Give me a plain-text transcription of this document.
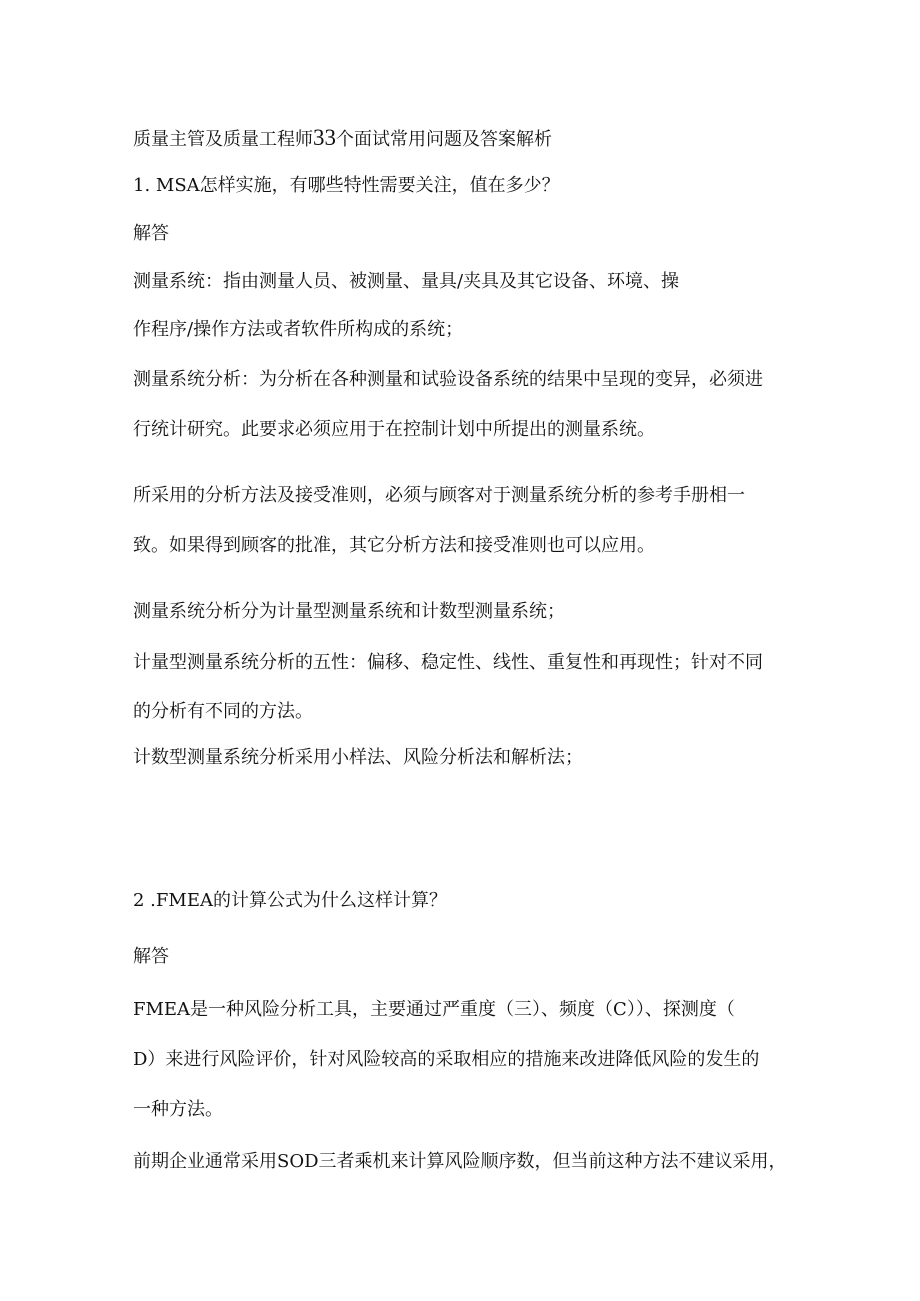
质量主管及质量工程师33个面试常用问题及答案解析
1. MSA怎样实施，有哪些特性需要关注，值在多少？
解答
测量系统：指由测量人员、被测量、量具/夹具及其它设备、环境、操
作程序/操作方法或者软件所构成的系统；
测量系统分析：为分析在各种测量和试验设备系统的结果中呈现的变异，必须进
行统计研究。此要求必须应用于在控制计划中所提出的测量系统。
所采用的分析方法及接受准则，必须与顾客对于测量系统分析的参考手册相一
致。如果得到顾客的批准，其它分析方法和接受准则也可以应用。
测量系统分析分为计量型测量系统和计数型测量系统；
计量型测量系统分析的五性：偏移、稳定性、线性、重复性和再现性；针对不同
的分析有不同的方法。
计数型测量系统分析采用小样法、风险分析法和解析法；
2 .FMEA的计算公式为什么这样计算？
解答
FMEA是一种风险分析工具，主要通过严重度（三）、频度（C））、探测度（
D）来进行风险评价，针对风险较高的采取相应的措施来改进降低风险的发生的
一种方法。
前期企业通常采用SOD三者乘机来计算风险顺序数，但当前这种方法不建议采用，
